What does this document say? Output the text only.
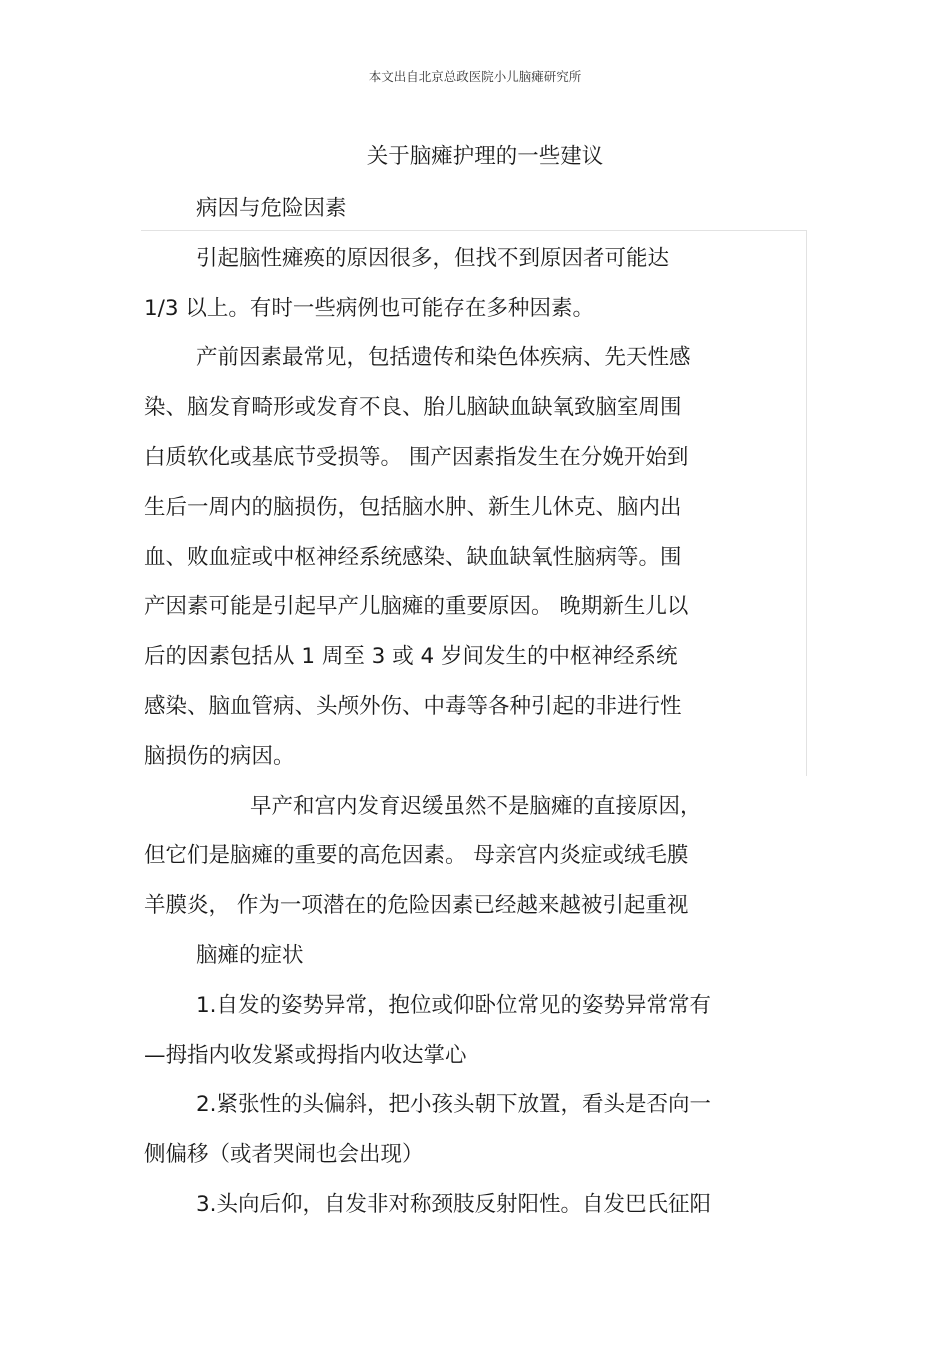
本文出自北京总政医院小儿脑瘫研究所
关于脑瘫护理的一些建议
病因与危险因素
引起脑性瘫痪的原因很多，但找不到原因者可能达
1/3 以上。有时一些病例也可能存在多种因素。
产前因素最常见，包括遗传和染色体疾病、先天性感
染、脑发育畸形或发育不良、胎儿脑缺血缺氧致脑室周围
白质软化或基底节受损等。 围产因素指发生在分娩开始到
生后一周内的脑损伤，包括脑水肿、新生儿休克、脑内出
血、败血症或中枢神经系统感染、缺血缺氧性脑病等。围
产因素可能是引起早产儿脑瘫的重要原因。 晚期新生儿以
后的因素包括从 1 周至 3 或 4 岁间发生的中枢神经系统
感染、脑血管病、头颅外伤、中毒等各种引起的非进行性
脑损伤的病因。
早产和宫内发育迟缓虽然不是脑瘫的直接原因，
但它们是脑瘫的重要的高危因素。 母亲宫内炎症或绒毛膜
羊膜炎， 作为一项潜在的危险因素已经越来越被引起重视
脑瘫的症状
1.自发的姿势异常，抱位或仰卧位常见的姿势异常常有
—拇指内收发紧或拇指内收达掌心
2.紧张性的头偏斜，把小孩头朝下放置，看头是否向一
侧偏移（或者哭闹也会出现）
3.头向后仰，自发非对称颈肢反射阳性。自发巴氏征阳
